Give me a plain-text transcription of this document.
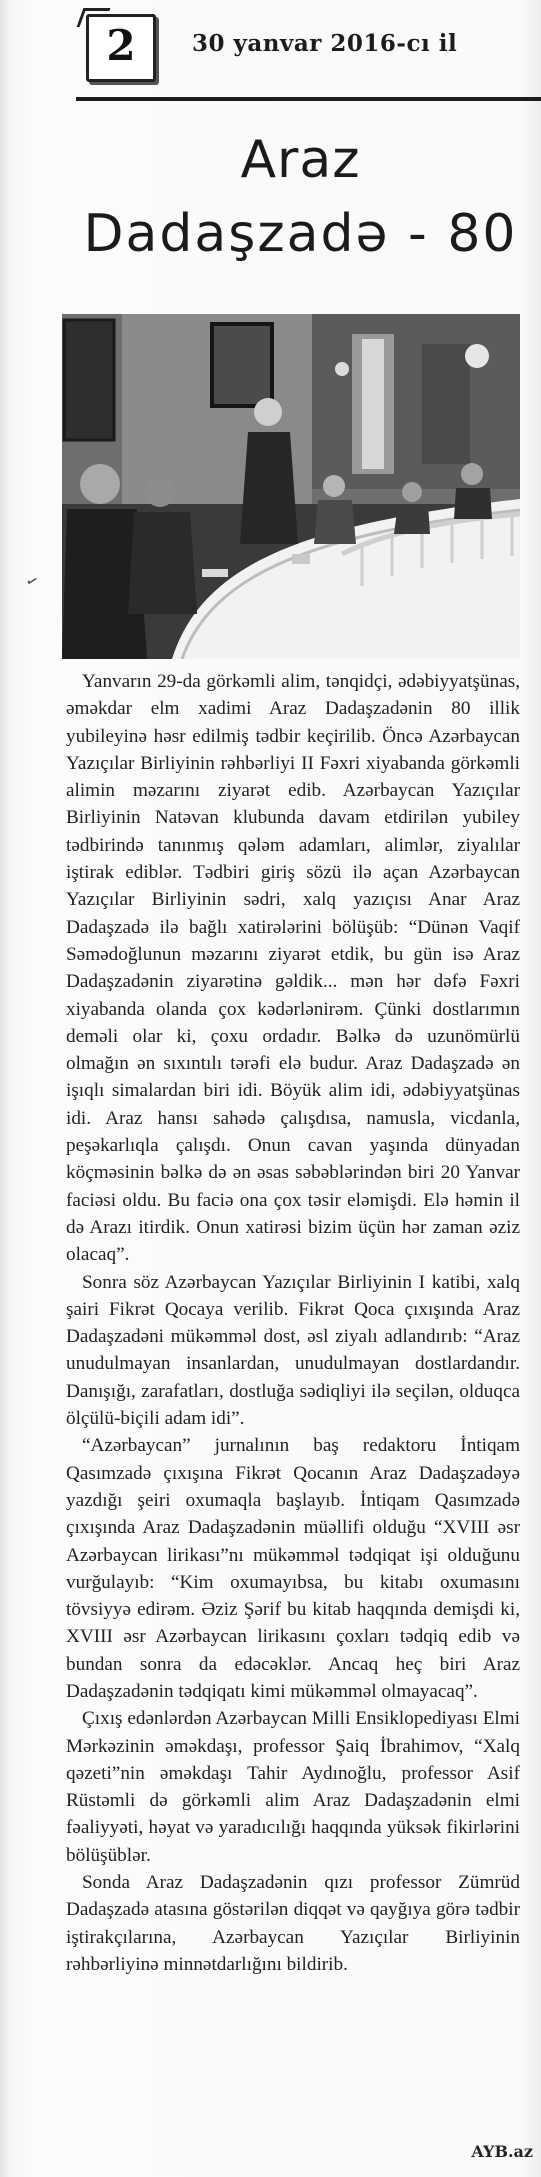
2	30 yanvar 2016-cı il
Araz
Dadaşzadə - 80
✓

Yanvarın 29-da görkəmli alim, tənqidçi, ədəbiyyatşünas, əməkdar elm xadimi Araz Dadaşzadənin 80 illik yubileyinə həsr edilmiş tədbir keçirilib. Öncə Azərbaycan Yazıçılar Birliyinin rəhbərliyi II Fəxri xiyabanda görkəmli alimin məzarını ziyarət edib. Azərbaycan Yazıçılar Birliyinin Natəvan klubunda davam etdirilən yubiley tədbirində tanınmış qələm adamları, alimlər, ziyalılar iştirak ediblər. Tədbiri giriş sözü ilə açan Azərbaycan Yazıçılar Birliyinin sədri, xalq yazıçısı Anar Araz Dadaşzadə ilə bağlı xatirələrini bölüşüb: “Dünən Vaqif Səmədoğlunun məzarını ziyarət etdik, bu gün isə Araz Dadaşzadənin ziyarətinə gəldik... mən hər dəfə Fəxri xiyabanda olanda çox kədərlənirəm. Çünki dostlarımın deməli olar ki, çoxu ordadır. Bəlkə də uzunömürlü olmağın ən sıxıntılı tərəfi elə budur. Araz Dadaşzadə ən işıqlı simalardan biri idi. Böyük alim idi, ədəbiyyatşünas idi. Araz hansı sahədə çalışdısa, namusla, vicdanla, peşəkarlıqla çalışdı. Onun cavan yaşında dünyadan köçməsinin bəlkə də ən əsas səbəblərindən biri 20 Yanvar faciəsi oldu. Bu faciə ona çox təsir eləmişdi. Elə həmin il də Arazı itirdik. Onun xatirəsi bizim üçün hər zaman əziz olacaq”.

Sonra söz Azərbaycan Yazıçılar Birliyinin I katibi, xalq şairi Fikrət Qocaya verilib. Fikrət Qoca çıxışında Araz Dadaşzadəni mükəmməl dost, əsl ziyalı adlandırıb: “Araz unudulmayan insanlardan, unudulmayan dostlardandır. Danışığı, zarafatları, dostluğa sədiqliyi ilə seçilən, olduqca ölçülü-biçili adam idi”.

“Azərbaycan” jurnalının baş redaktoru İntiqam Qasımzadə çıxışına Fikrət Qocanın Araz Dadaşzadəyə yazdığı şeiri oxumaqla başlayıb. İntiqam Qasımzadə çıxışında Araz Dadaşzadənin müəllifi olduğu “XVIII əsr Azərbaycan lirikası”nı mükəmməl tədqiqat işi olduğunu vurğulayıb: “Kim oxumayıbsa, bu kitabı oxumasını tövsiyyə edirəm. Əziz Şərif bu kitab haqqında demişdi ki, XVIII əsr Azərbaycan lirikasını çoxları tədqiq edib və bundan sonra da edəcəklər. Ancaq heç biri Araz Dadaşzadənin tədqiqatı kimi mükəmməl olmayacaq”.

Çıxış edənlərdən Azərbaycan Milli Ensiklopediyası Elmi Mərkəzinin əməkdaşı, professor Şaiq İbrahimov, “Xalq qəzeti”nin əməkdaşı Tahir Aydınoğlu, professor Asif Rüstəmli də görkəmli alim Araz Dadaşzadənin elmi fəaliyyəti, həyat və yaradıcılığı haqqında yüksək fikirlərini bölüşüblər.

Sonda Araz Dadaşzadənin qızı professor Zümrüd Dadaşzadə atasına göstərilən diqqət və qayğıya görə tədbir iştirakçılarına, Azərbaycan Yazıçılar Birliyinin rəhbərliyinə minnətdarlığını bildirib.

AYB.az
